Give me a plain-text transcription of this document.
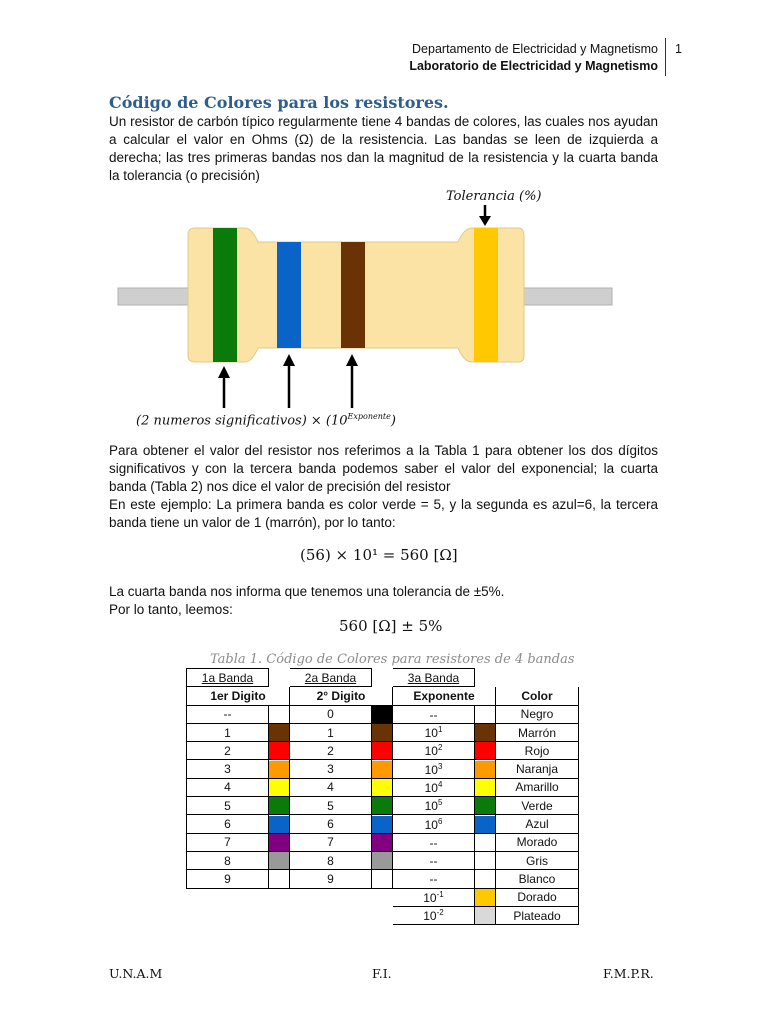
Departamento de Electricidad y Magnetismo
Laboratorio de Electricidad y Magnetismo
1
Código de Colores para los resistores.
Un resistor de carbón típico regularmente tiene 4 bandas de colores, las cuales nos ayudan a calcular el valor en Ohms (Ω) de la resistencia. Las bandas se leen de izquierda a derecha; las tres primeras bandas nos dan la magnitud de la resistencia y la cuarta banda la tolerancia (o precisión)
Tolerancia (%)
(2 numeros significativos) × $(10^{Exponente})$
Para obtener el valor del resistor nos referimos a la Tabla 1 para obtener los dos dígitos significativos y con la tercera banda podemos saber el valor del exponencial; la cuarta banda (Tabla 2) nos dice el valor de precisión del resistor
En este ejemplo: La primera banda es color verde = 5, y la segunda es azul=6, la tercera banda tiene un valor de 1 (marrón), por lo tanto:
(56) × 10¹ = 560 [Ω]
La cuarta banda nos informa que tenemos una tolerancia de ±5%.
Por lo tanto, leemos:
560 [Ω] ± 5%
Tabla 1. Código de Colores para resistores de 4 bandas
1a Banda		2a Banda		3a Banda		
1er Digito		2° Digito		Exponente		Color
--		0		--		Negro
1		1		$10^1$		Marrón
2		2		$10^2$		Rojo
3		3		$10^3$		Naranja
4		4		$10^4$		Amarillo
5		5		$10^5$		Verde
6		6		$10^6$		Azul
7		7		--		Morado
8		8		--		Gris
9		9		--		Blanco
				$10^{-1}$		Dorado
				$10^{-2}$		Plateado
U.N.A.M	F.I.	F.M.P.R.
